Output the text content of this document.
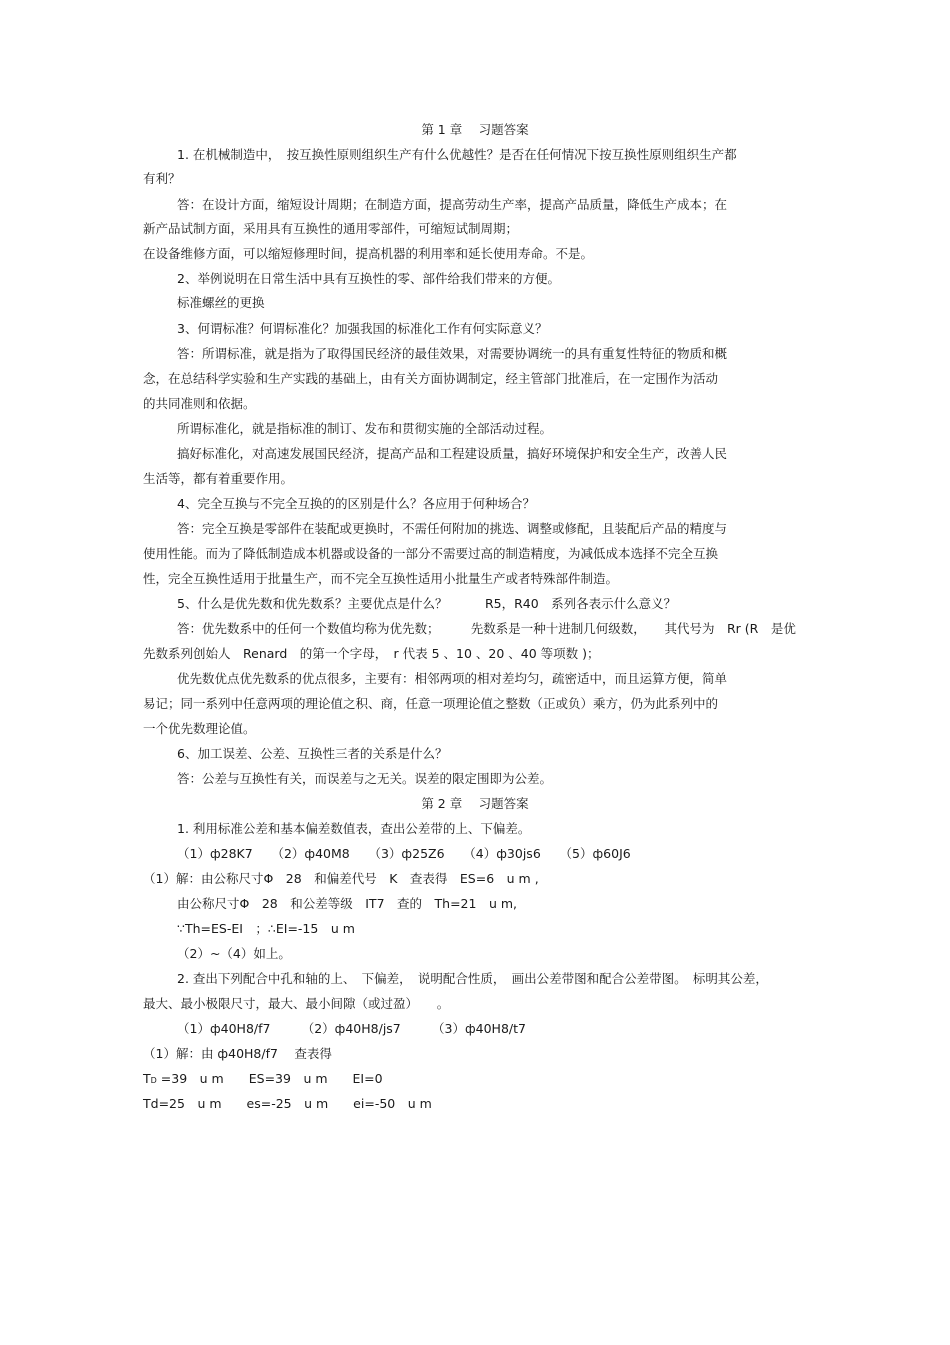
第 1 章 　习题答案
1. 在机械制造中，　按互换性原则组织生产有什么优越性？是否在任何情况下按互换性原则组织生产都
有利？
答：在设计方面，缩短设计周期；在制造方面，提高劳动生产率，提高产品质量，降低生产成本；在
新产品试制方面，采用具有互换性的通用零部件，可缩短试制周期；
在设备维修方面，可以缩短修理时间，提高机器的利用率和延长使用寿命。不是。
2、举例说明在日常生活中具有互换性的零、部件给我们带来的方便。
标准螺丝的更换
3、何谓标准？何谓标准化？加强我国的标准化工作有何实际意义？
答：所谓标准，就是指为了取得国民经济的最佳效果，对需要协调统一的具有重复性特征的物质和概
念，在总结科学实验和生产实践的基础上，由有关方面协调制定，经主管部门批准后，在一定围作为活动
的共同准则和依据。
所谓标准化，就是指标准的制订、发布和贯彻实施的全部活动过程。
搞好标准化，对高速发展国民经济，提高产品和工程建设质量，搞好环境保护和安全生产，改善人民
生活等，都有着重要作用。
4、完全互换与不完全互换的的区别是什么？各应用于何种场合？
答：完全互换是零部件在装配或更换时，不需任何附加的挑选、调整或修配，且装配后产品的精度与
使用性能。而为了降低制造成本机器或设备的一部分不需要过高的制造精度，为减低成本选择不完全互换
性，完全互换性适用于批量生产，而不完全互换性适用小批量生产或者特殊部件制造。
5、什么是优先数和优先数系？主要优点是什么？　　　R5，R40　系列各表示什么意义？
答：优先数系中的任何一个数值均称为优先数；　　　先数系是一种十进制几何级数，　　其代号为　Rr (R　是优
先数系列创始人　Renard　的第一个字母，　r 代表 5 、10 、20 、40 等项数 )；
优先数优点优先数系的优点很多，主要有：相邻两项的相对差均匀，疏密适中，而且运算方便，简单
易记；同一系列中任意两项的理论值之积、商，任意一项理论值之整数（正或负）乘方，仍为此系列中的
一个优先数理论值。
6、加工误差、公差、互换性三者的关系是什么？
答：公差与互换性有关，而误差与之无关。误差的限定围即为公差。
第 2 章 　习题答案
1. 利用标准公差和基本偏差数值表，查出公差带的上、下偏差。
（1）ф28K7　　（2）ф40M8　　（3）ф25Z6　　（4）ф30js6　　（5）ф60J6
（1）解：由公称尺寸Φ　28　和偏差代号　K　查表得　ES=6　u m ,
由公称尺寸Φ　28　和公差等级　IT7　查的　Th=21　u m,
∵Th=ES-EI　；∴EI=-15　u m
（2）~（4）如上。
2. 查出下列配合中孔和轴的上、　下偏差，　说明配合性质，　画出公差带图和配合公差带图。　标明其公差，
最大、最小极限尺寸，最大、最小间隙（或过盈）　　。
（1）ф40H8/f7　　　（2）ф40H8/js7　　　（3）ф40H8/t7
（1）解：由 ф40H8/f7　 查表得
TD =39　u m　　ES=39　u m　　EI=0
Td=25　u m　　es=-25　u m　　ei=-50　u m
